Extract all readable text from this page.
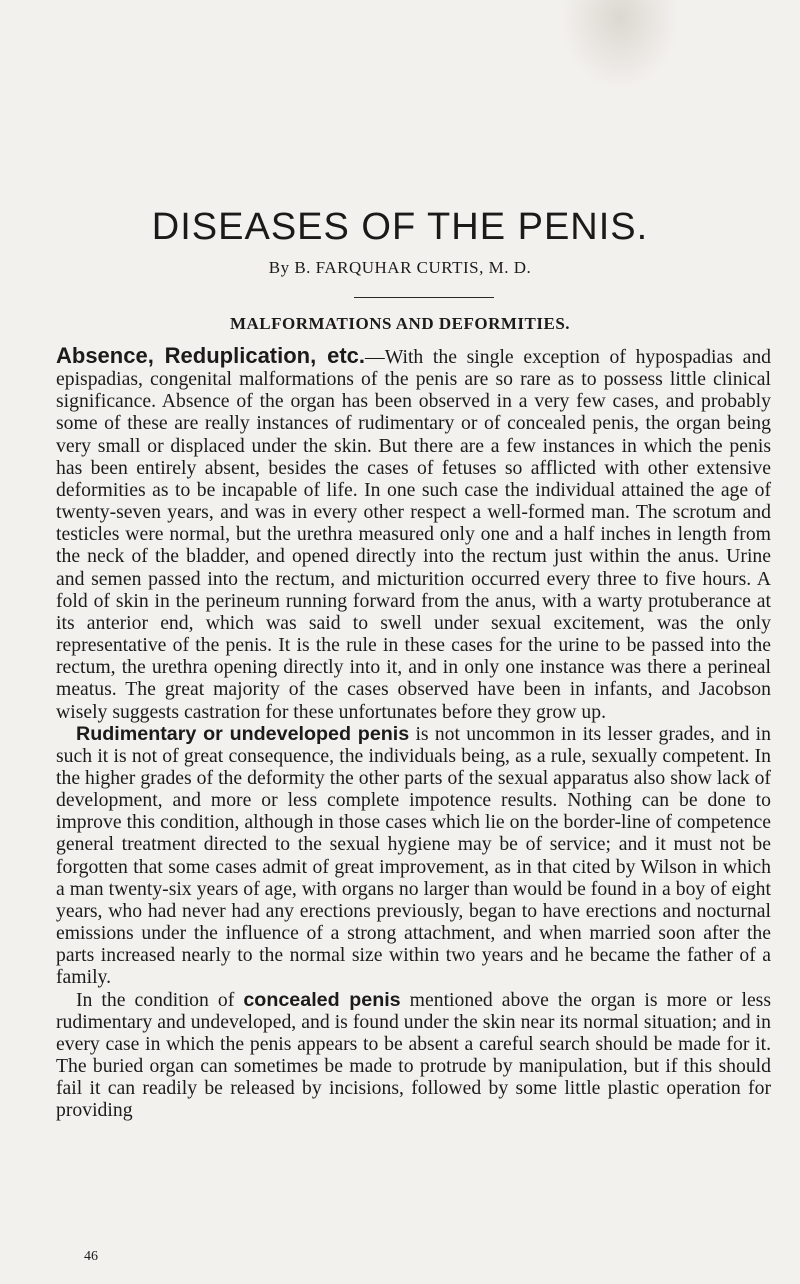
DISEASES OF THE PENIS.
By B. FARQUHAR CURTIS, M. D.
MALFORMATIONS AND DEFORMITIES.

Absence, Reduplication, etc.—With the single exception of hypospadias and epispadias, congenital malformations of the penis are so rare as to possess little clinical significance. Absence of the organ has been observed in a very few cases, and probably some of these are really instances of rudimentary or of concealed penis, the organ being very small or displaced under the skin. But there are a few instances in which the penis has been entirely absent, besides the cases of fetuses so afflicted with other extensive deformities as to be incapable of life. In one such case the individual attained the age of twenty-seven years, and was in every other respect a well-formed man. The scrotum and testicles were normal, but the urethra measured only one and a half inches in length from the neck of the bladder, and opened directly into the rectum just within the anus. Urine and semen passed into the rectum, and micturition occurred every three to five hours. A fold of skin in the perineum running forward from the anus, with a warty protuberance at its anterior end, which was said to swell under sexual excitement, was the only representative of the penis. It is the rule in these cases for the urine to be passed into the rectum, the urethra opening directly into it, and in only one instance was there a perineal meatus. The great majority of the cases observed have been in infants, and Jacobson wisely suggests castration for these unfortunates before they grow up.

Rudimentary or undeveloped penis is not uncommon in its lesser grades, and in such it is not of great consequence, the individuals being, as a rule, sexually competent. In the higher grades of the deformity the other parts of the sexual apparatus also show lack of development, and more or less complete impotence results. Nothing can be done to improve this condition, although in those cases which lie on the border-line of competence general treatment directed to the sexual hygiene may be of service; and it must not be forgotten that some cases admit of great improvement, as in that cited by Wilson in which a man twenty-six years of age, with organs no larger than would be found in a boy of eight years, who had never had any erections previously, began to have erections and nocturnal emissions under the influence of a strong attachment, and when married soon after the parts increased nearly to the normal size within two years and he became the father of a family.

In the condition of concealed penis mentioned above the organ is more or less rudimentary and undeveloped, and is found under the skin near its normal situation; and in every case in which the penis appears to be absent a careful search should be made for it. The buried organ can sometimes be made to protrude by manipulation, but if this should fail it can readily be released by incisions, followed by some little plastic operation for providing

46
